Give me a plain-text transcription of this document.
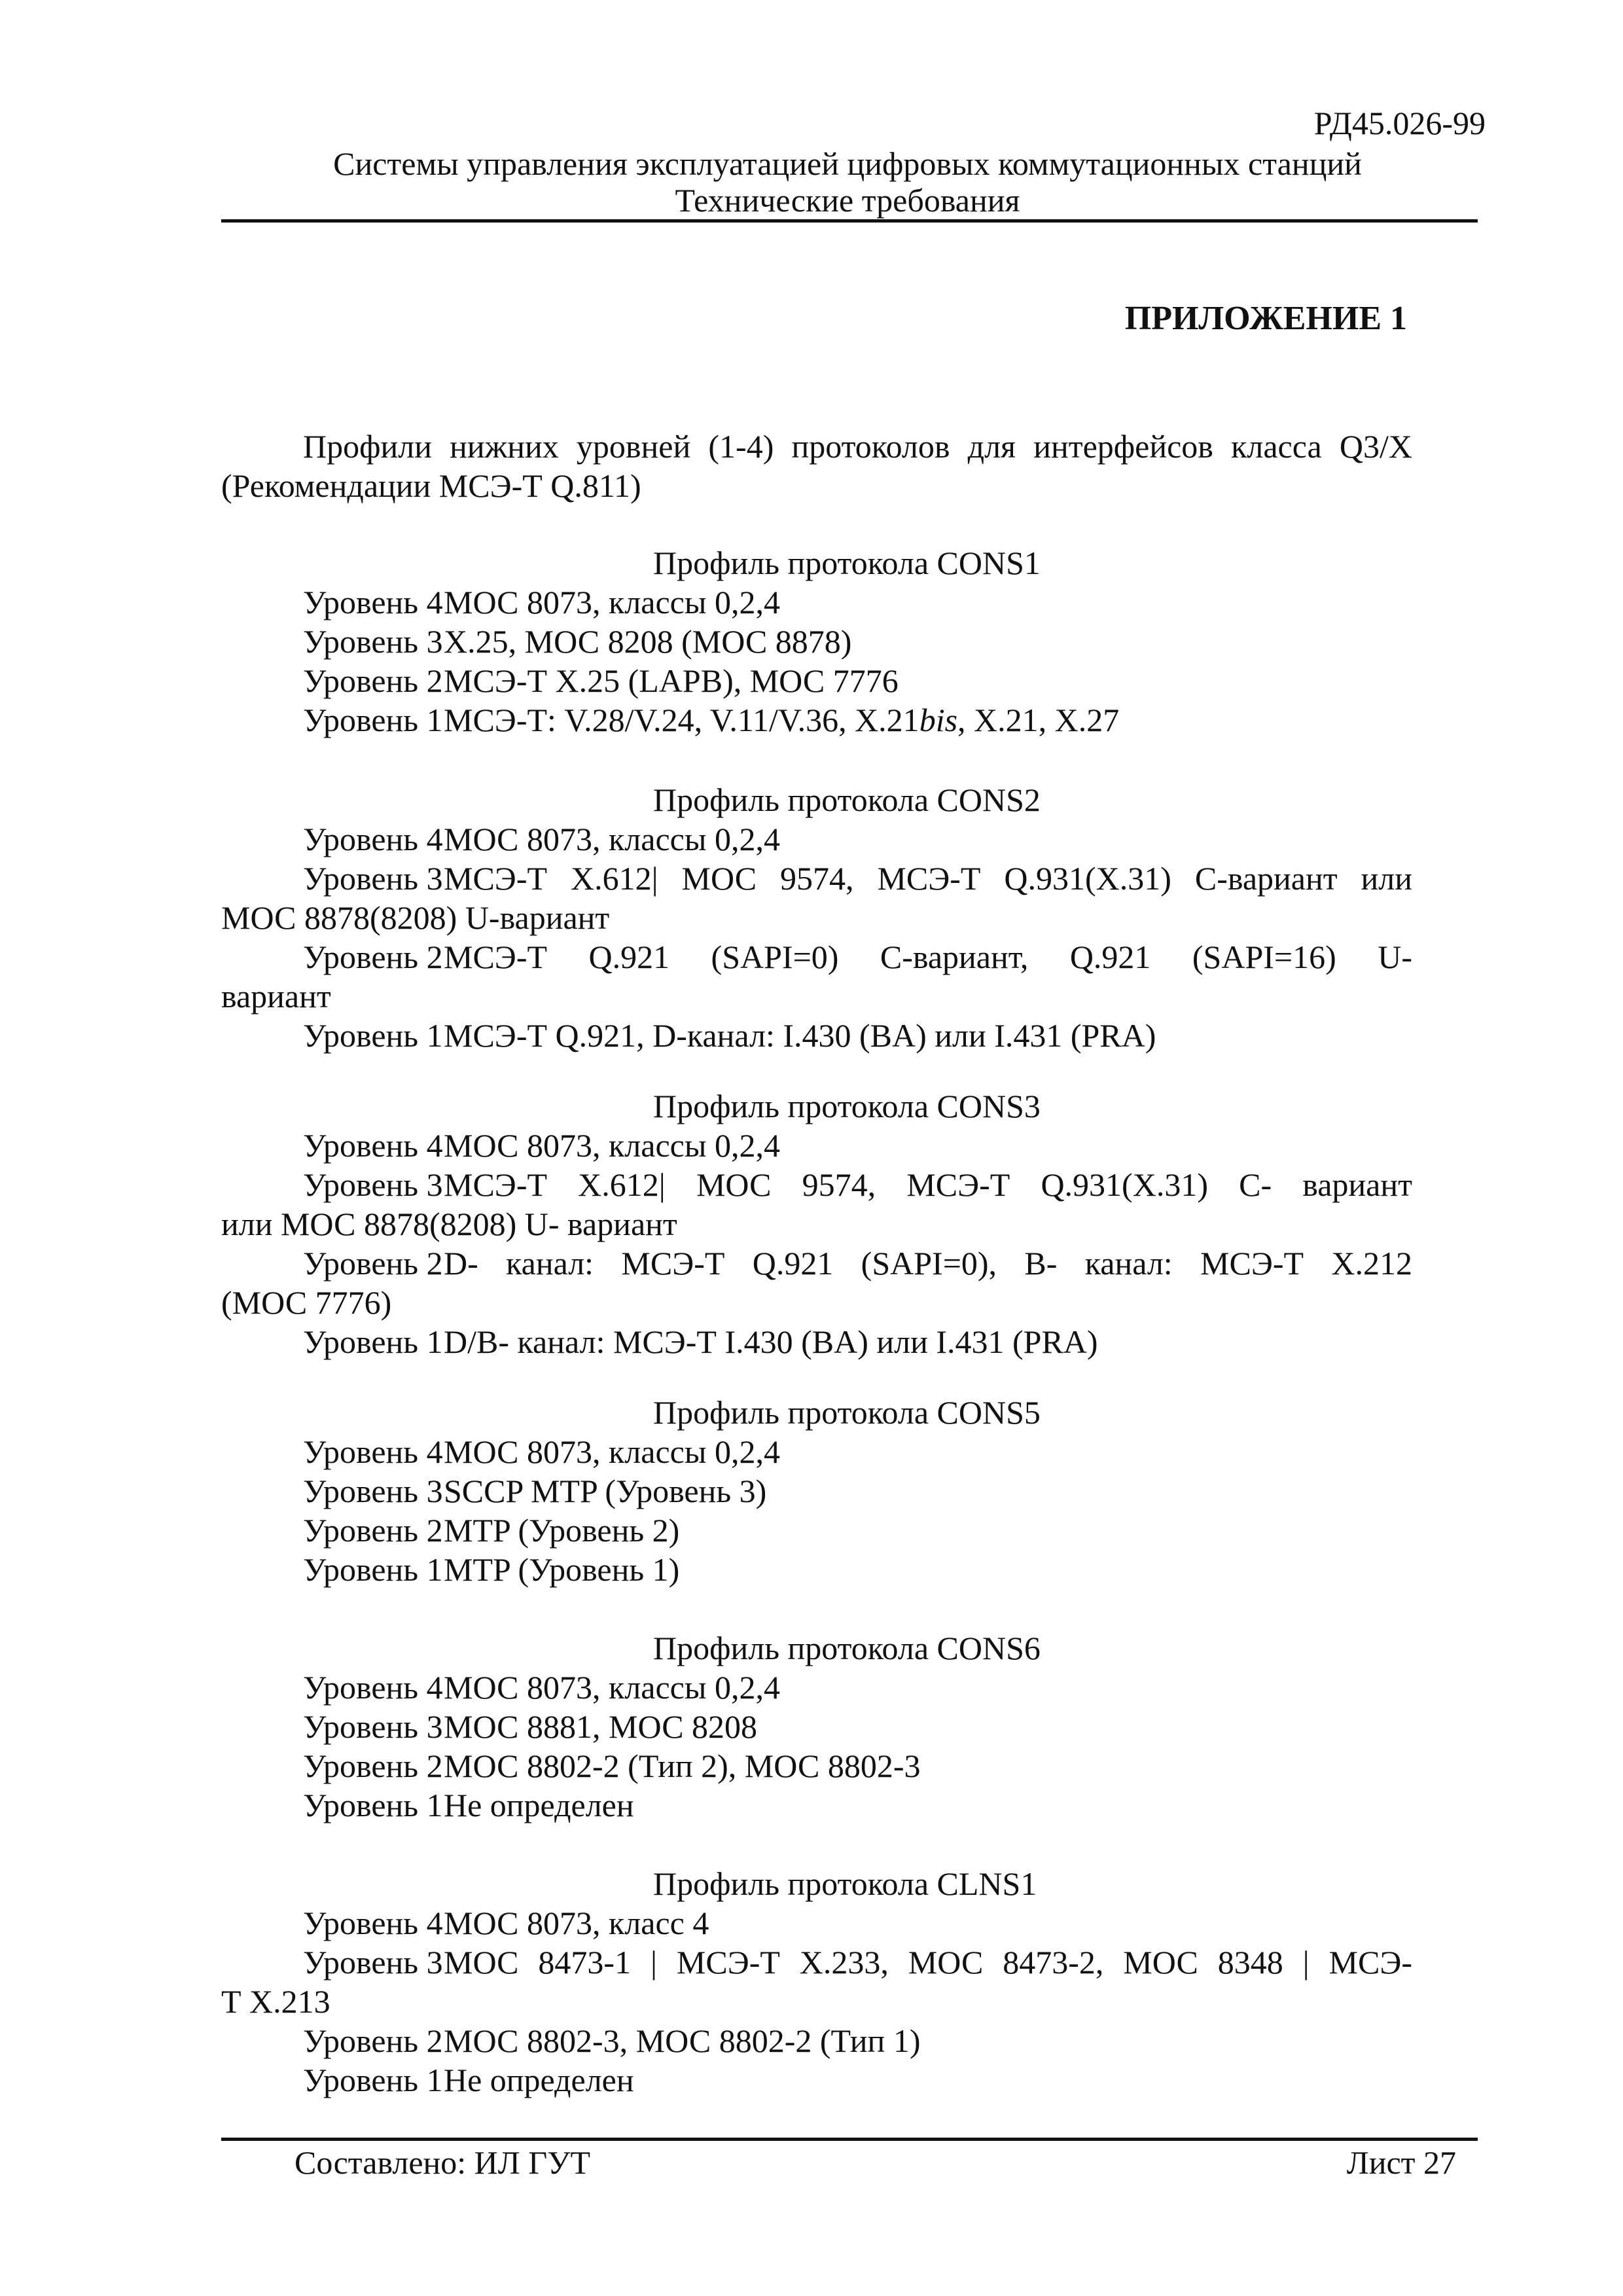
РД45.026-99
Системы управления эксплуатацией цифровых коммутационных станций
Технические требования
ПРИЛОЖЕНИЕ 1
Профили нижних уровней (1-4) протоколов для интерфейсов класса Q3/X
(Рекомендации МСЭ-Т Q.811)
Профиль протокола CONS1
Уровень 4 МОС 8073, классы 0,2,4
Уровень 3 X.25, МОС 8208 (МОС 8878)
Уровень 2 МСЭ-Т X.25 (LAPB), МОС 7776
Уровень 1 МСЭ-Т: V.28/V.24, V.11/V.36, X.21bis, X.21, X.27
Профиль протокола CONS2
Уровень 4 МОС 8073, классы 0,2,4
Уровень 3 МСЭ-Т X.612| МОС 9574, МСЭ-Т Q.931(X.31) С-вариант или
МОС 8878(8208) U-вариант
Уровень 2 МСЭ-Т Q.921 (SAPI=0) С-вариант, Q.921 (SAPI=16) U-
вариант
Уровень 1 МСЭ-Т Q.921, D-канал: I.430 (BA) или I.431 (PRA)
Профиль протокола CONS3
Уровень 4 МОС 8073, классы 0,2,4
Уровень 3 МСЭ-Т X.612| МОС 9574, МСЭ-Т Q.931(X.31) С- вариант
или МОС 8878(8208) U- вариант
Уровень 2 D- канал: МСЭ-Т Q.921 (SAPI=0), B- канал: МСЭ-Т X.212
(МОС 7776)
Уровень 1 D/B- канал: МСЭ-Т I.430 (BA) или I.431 (PRA)
Профиль протокола CONS5
Уровень 4 МОС 8073, классы 0,2,4
Уровень 3 SCCP MTP (Уровень 3)
Уровень 2 MTP (Уровень 2)
Уровень 1 MTP (Уровень 1)
Профиль протокола CONS6
Уровень 4 МОС 8073, классы 0,2,4
Уровень 3 МОС 8881, МОС 8208
Уровень 2 МОС 8802-2 (Тип 2), МОС 8802-3
Уровень 1 Не определен
Профиль протокола CLNS1
Уровень 4 МОС 8073, класс 4
Уровень 3 МОС 8473-1 | МСЭ-Т X.233, МОС 8473-2, МОС 8348 | МСЭ-
Т X.213
Уровень 2 МОС 8802-3, МОС 8802-2 (Тип 1)
Уровень 1 Не определен
Составлено: ИЛ ГУТ	Лист 27
